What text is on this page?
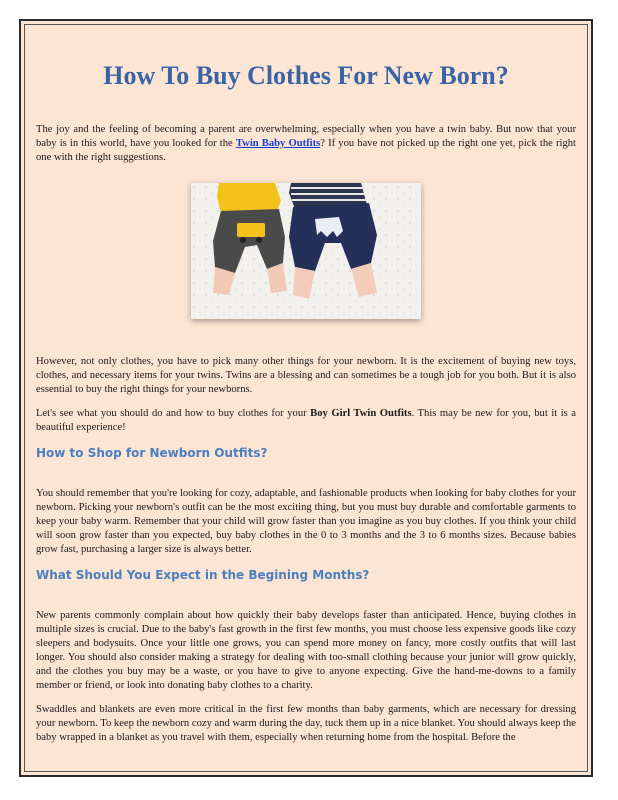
How To Buy Clothes For New Born?

The joy and the feeling of becoming a parent are overwhelming, especially when you have a twin baby. But now that your baby is in this world, have you looked for the Twin Baby Outfits? If you have not picked up the right one yet, pick the right one with the right suggestions.

However, not only clothes, you have to pick many other things for your newborn. It is the excitement of buying new toys, clothes, and necessary items for your twins. Twins are a blessing and can sometimes be a tough job for you both. But it is also essential to buy the right things for your newborns.

Let's see what you should do and how to buy clothes for your Boy Girl Twin Outfits. This may be new for you, but it is a beautiful experience!

How to Shop for Newborn Outfits?

You should remember that you're looking for cozy, adaptable, and fashionable products when looking for baby clothes for your newborn. Picking your newborn's outfit can be the most exciting thing, but you must buy durable and comfortable garments to keep your baby warm. Remember that your child will grow faster than you imagine as you buy clothes. If you think your child will soon grow faster than you expected, buy baby clothes in the 0 to 3 months and the 3 to 6 months sizes. Because babies grow fast, purchasing a larger size is always better.

What Should You Expect in the Begining Months?

New parents commonly complain about how quickly their baby develops faster than anticipated. Hence, buying clothes in multiple sizes is crucial. Due to the baby's fast growth in the first few months, you must choose less expensive goods like cozy sleepers and bodysuits. Once your little one grows, you can spend more money on fancy, more costly outfits that will last longer. You should also consider making a strategy for dealing with too-small clothing because your junior will grow quickly, and the clothes you buy may be a waste, or you have to give to anyone expecting. Give the hand-me-downs to a family member or friend, or look into donating baby clothes to a charity.

Swaddles and blankets are even more critical in the first few months than baby garments, which are necessary for dressing your newborn. To keep the newborn cozy and warm during the day, tuck them up in a nice blanket. You should always keep the baby wrapped in a blanket as you travel with them, especially when returning home from the hospital. Before the
